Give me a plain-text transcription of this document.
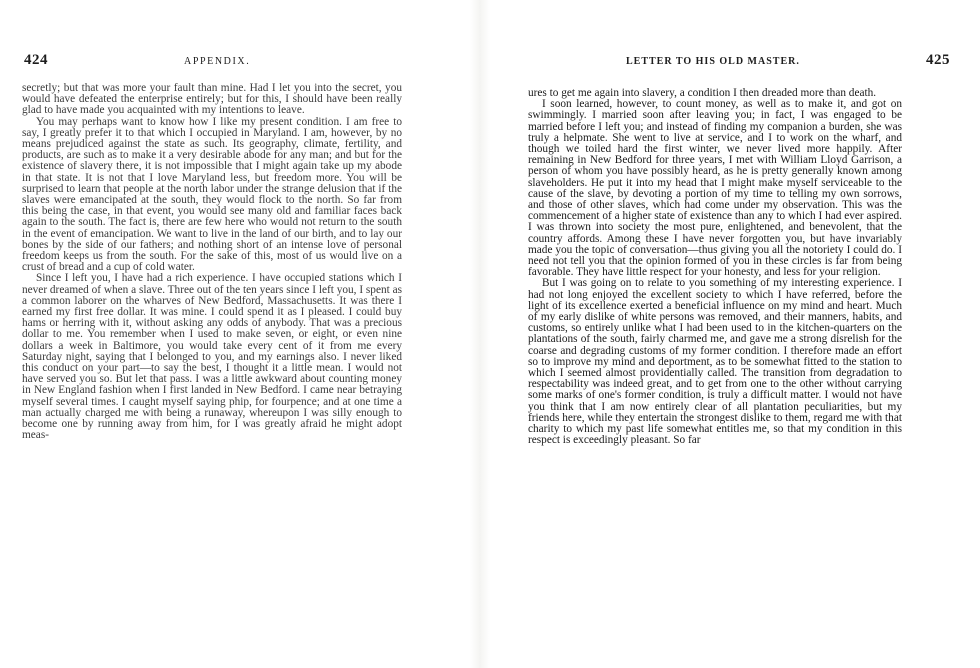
424	APPENDIX.

secretly; but that was more your fault than mine. Had I let you into the secret, you would have defeated the enterprise entirely; but for this, I should have been really glad to have made you acquainted with my intentions to leave.

You may perhaps want to know how I like my present condition. I am free to say, I greatly prefer it to that which I occupied in Maryland. I am, however, by no means prejudiced against the state as such. Its geography, climate, fertility, and products, are such as to make it a very desirable abode for any man; and but for the existence of slavery there, it is not impossible that I might again take up my abode in that state. It is not that I love Maryland less, but freedom more. You will be surprised to learn that people at the north labor under the strange delusion that if the slaves were emancipated at the south, they would flock to the north. So far from this being the case, in that event, you would see many old and familiar faces back again to the south. The fact is, there are few here who would not return to the south in the event of emancipation. We want to live in the land of our birth, and to lay our bones by the side of our fathers; and nothing short of an intense love of personal freedom keeps us from the south. For the sake of this, most of us would live on a crust of bread and a cup of cold water.

Since I left you, I have had a rich experience. I have occupied stations which I never dreamed of when a slave. Three out of the ten years since I left you, I spent as a common laborer on the wharves of New Bedford, Massachusetts. It was there I earned my first free dollar. It was mine. I could spend it as I pleased. I could buy hams or herring with it, without asking any odds of anybody. That was a precious dollar to me. You remember when I used to make seven, or eight, or even nine dollars a week in Baltimore, you would take every cent of it from me every Saturday night, saying that I belonged to you, and my earnings also. I never liked this conduct on your part—to say the best, I thought it a little mean. I would not have served you so. But let that pass. I was a little awkward about counting money in New England fashion when I first landed in New Bedford. I came near betraying myself several times. I caught myself saying phip, for fourpence; and at one time a man actually charged me with being a runaway, whereupon I was silly enough to become one by running away from him, for I was greatly afraid he might adopt meas-

LETTER TO HIS OLD MASTER.	425

ures to get me again into slavery, a condition I then dreaded more than death.

I soon learned, however, to count money, as well as to make it, and got on swimmingly. I married soon after leaving you; in fact, I was engaged to be married before I left you; and instead of finding my companion a burden, she was truly a helpmate. She went to live at service, and I to work on the wharf, and though we toiled hard the first winter, we never lived more happily. After remaining in New Bedford for three years, I met with William Lloyd Garrison, a person of whom you have possibly heard, as he is pretty generally known among slaveholders. He put it into my head that I might make myself serviceable to the cause of the slave, by devoting a portion of my time to telling my own sorrows, and those of other slaves, which had come under my observation. This was the commencement of a higher state of existence than any to which I had ever aspired. I was thrown into society the most pure, enlightened, and benevolent, that the country affords. Among these I have never forgotten you, but have invariably made you the topic of conversation—thus giving you all the notoriety I could do. I need not tell you that the opinion formed of you in these circles is far from being favorable. They have little respect for your honesty, and less for your religion.

But I was going on to relate to you something of my interesting experience. I had not long enjoyed the excellent society to which I have referred, before the light of its excellence exerted a beneficial influence on my mind and heart. Much of my early dislike of white persons was removed, and their manners, habits, and customs, so entirely unlike what I had been used to in the kitchen-quarters on the plantations of the south, fairly charmed me, and gave me a strong disrelish for the coarse and degrading customs of my former condition. I therefore made an effort so to improve my mind and deportment, as to be somewhat fitted to the station to which I seemed almost providentially called. The transition from degradation to respectability was indeed great, and to get from one to the other without carrying some marks of one's former condition, is truly a difficult matter. I would not have you think that I am now entirely clear of all plantation peculiarities, but my friends here, while they entertain the strongest dislike to them, regard me with that charity to which my past life somewhat entitles me, so that my condition in this respect is exceedingly pleasant. So far
